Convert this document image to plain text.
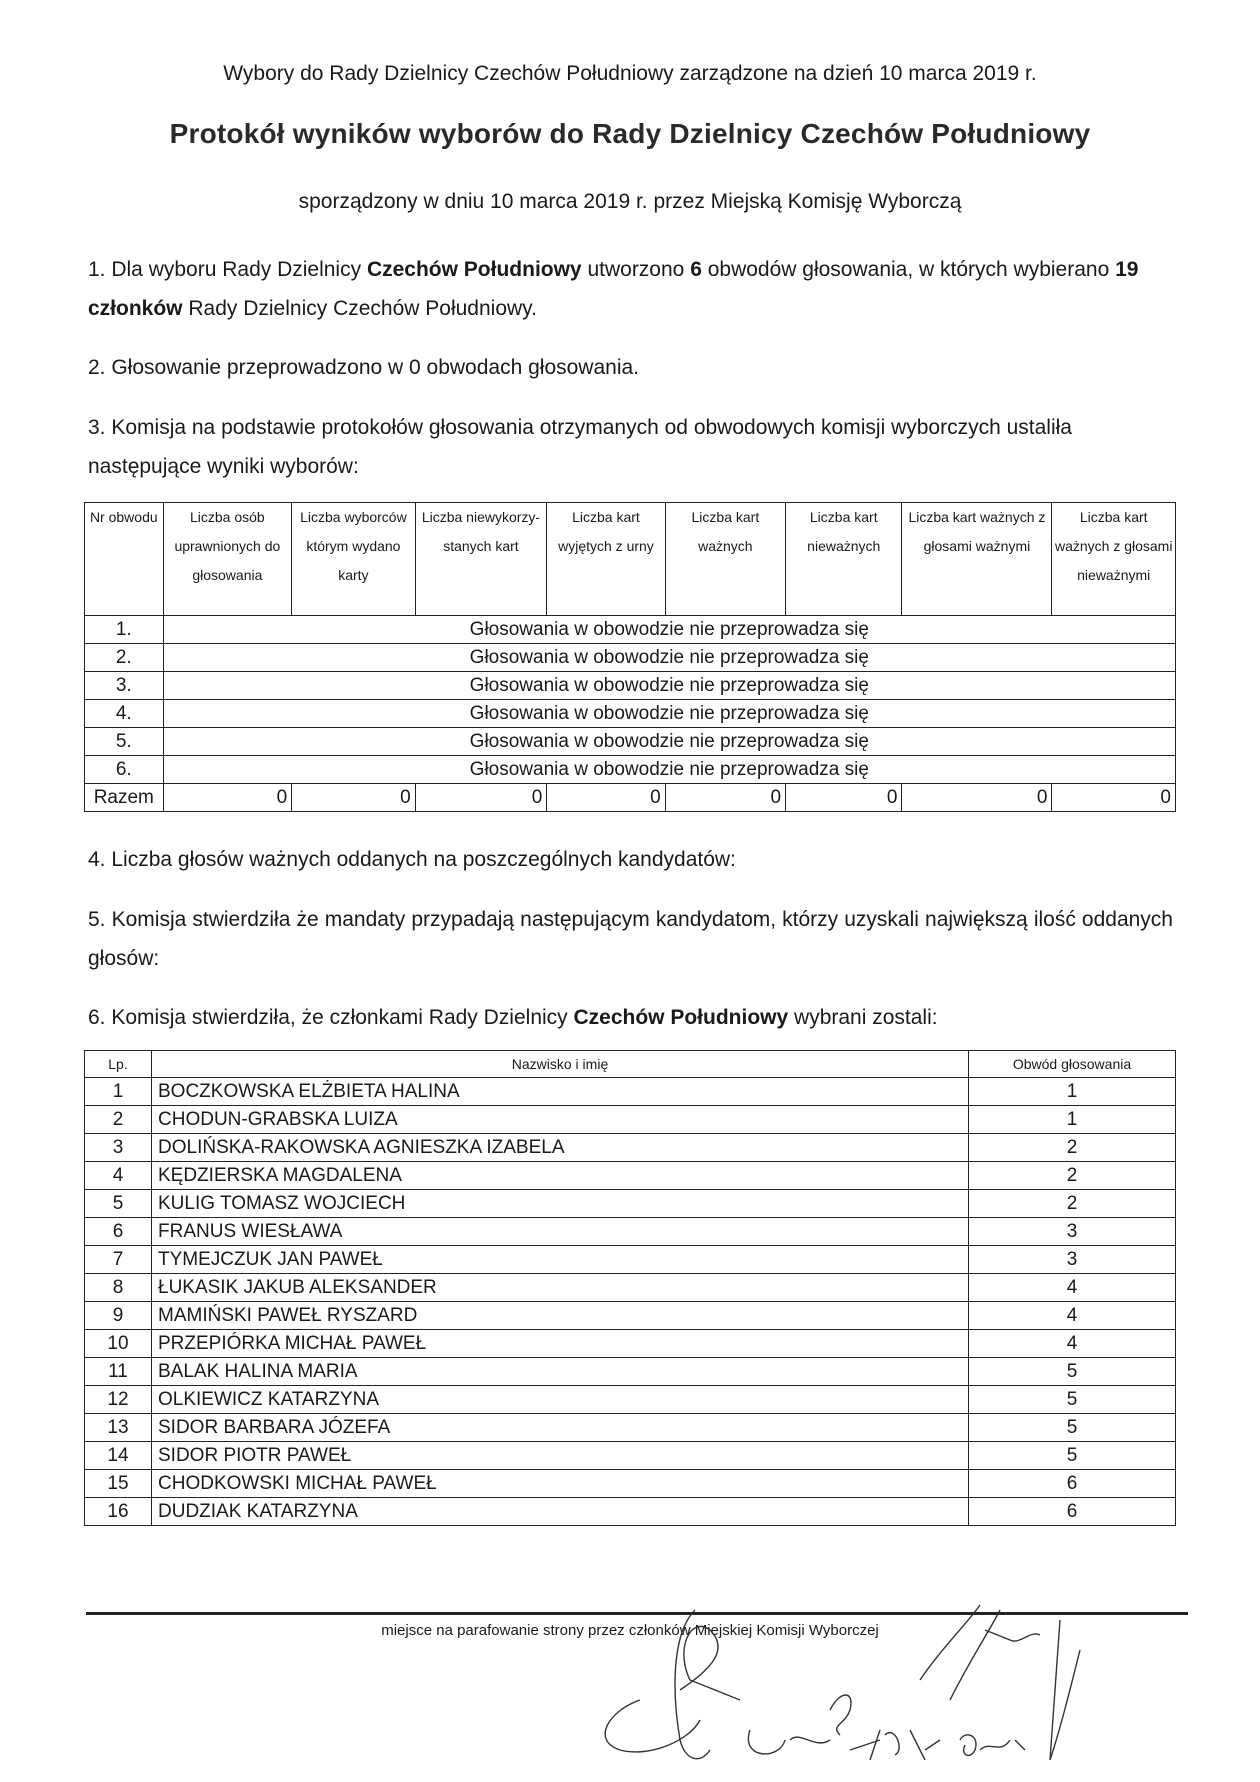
Wybory do Rady Dzielnicy Czechów Południowy zarządzone na dzień 10 marca 2019 r.
Protokół wyników wyborów do Rady Dzielnicy Czechów Południowy
sporządzony w dniu 10 marca 2019 r. przez Miejską Komisję Wyborczą
1. Dla wyboru Rady Dzielnicy Czechów Południowy utworzono 6 obwodów głosowania, w których wybierano 19 członków Rady Dzielnicy Czechów Południowy.
2. Głosowanie przeprowadzono w 0 obwodach głosowania.
3. Komisja na podstawie protokołów głosowania otrzymanych od obwodowych komisji wyborczych ustaliła następujące wyniki wyborów:
Nr obwodu	Liczba osób uprawnionych do głosowania	Liczba wyborców którym wydano karty	Liczba niewykorzy-stanych kart	Liczba kart wyjętych z urny	Liczba kart ważnych	Liczba kart nieważnych	Liczba kart ważnych z głosami ważnymi	Liczba kart ważnych z głosami nieważnymi
1.	Głosowania w obowodzie nie przeprowadza się							
2.	Głosowania w obowodzie nie przeprowadza się							
3.	Głosowania w obowodzie nie przeprowadza się							
4.	Głosowania w obowodzie nie przeprowadza się							
5.	Głosowania w obowodzie nie przeprowadza się							
6.	Głosowania w obowodzie nie przeprowadza się							
Razem	0	0	0	0	0	0	0	0
4. Liczba głosów ważnych oddanych na poszczególnych kandydatów:
5. Komisja stwierdziła że mandaty przypadają następującym kandydatom, którzy uzyskali największą ilość oddanych głosów:
6. Komisja stwierdziła, że członkami Rady Dzielnicy Czechów Południowy wybrani zostali:
Lp.	Nazwisko i imię	Obwód głosowania
1	BOCZKOWSKA ELŻBIETA HALINA	1
2	CHODUN-GRABSKA LUIZA	1
3	DOLIŃSKA-RAKOWSKA AGNIESZKA IZABELA	2
4	KĘDZIERSKA MAGDALENA	2
5	KULIG TOMASZ WOJCIECH	2
6	FRANUS WIESŁAWA	3
7	TYMEJCZUK JAN PAWEŁ	3
8	ŁUKASIK JAKUB ALEKSANDER	4
9	MAMIŃSKI PAWEŁ RYSZARD	4
10	PRZEPIÓRKA MICHAŁ PAWEŁ	4
11	BALAK HALINA MARIA	5
12	OLKIEWICZ KATARZYNA	5
13	SIDOR BARBARA JÓZEFA	5
14	SIDOR PIOTR PAWEŁ	5
15	CHODKOWSKI MICHAŁ PAWEŁ	6
16	DUDZIAK KATARZYNA	6
miejsce na parafowanie strony przez członków Miejskiej Komisji Wyborczej
